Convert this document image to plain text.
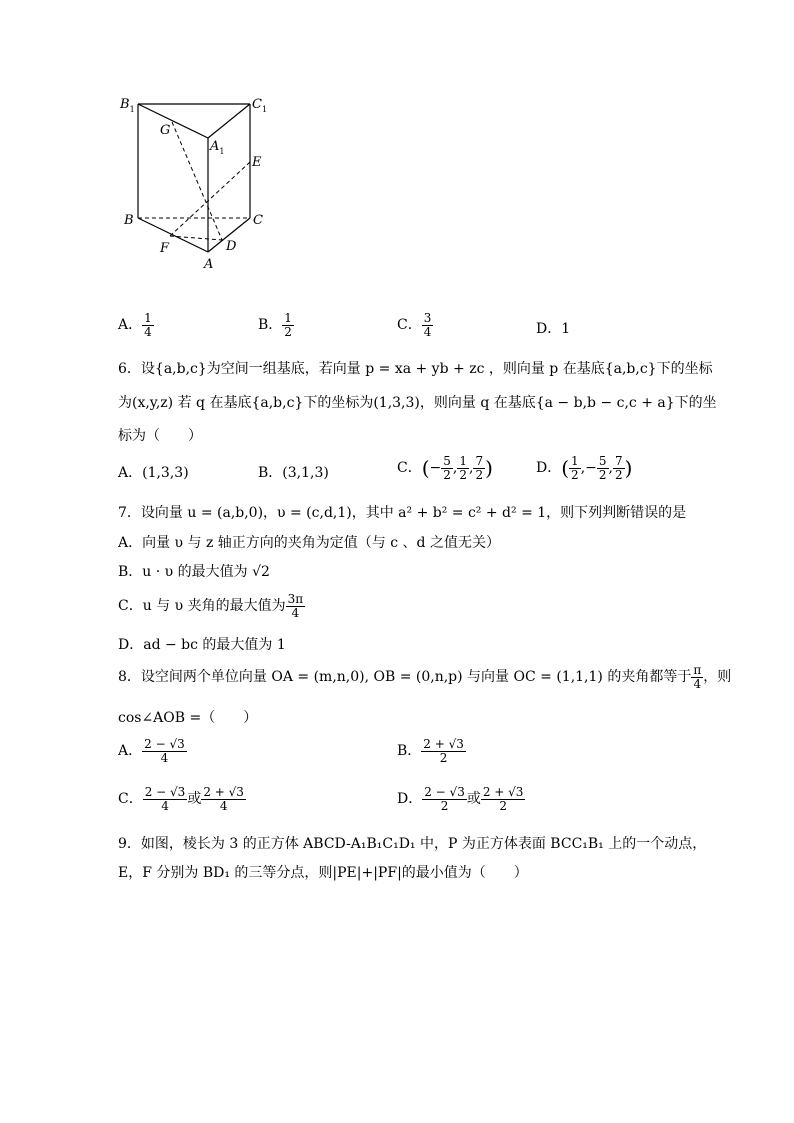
$B_1$	$C_1$
G
$A_1$
E
B	C
F	D
A
A． $\frac{1}{4}$	B． $\frac{1}{2}$	C． $\frac{3}{4}$	D．1
6．设{a,b,c}为空间一组基底，若向量 p = xa + yb + zc ，则向量 p 在基底{a,b,c}下的坐标
为(x,y,z) 若 q 在基底{a,b,c}下的坐标为(1,3,3)，则向量 q 在基底{a − b,b − c,c + a}下的坐
标为（　　）
A．(1,3,3)	B．(3,1,3)	C．(− $\frac{5}{2}$ , $\frac{1}{2}$ , $\frac{7}{2}$ )	D．( $\frac{1}{2}$ ,− $\frac{5}{2}$ , $\frac{7}{2}$ )
7．设向量 u = (a,b,0)，υ = (c,d,1)，其中 a² + b² = c² + d² = 1，则下列判断错误的是
A．向量 υ 与 z 轴正方向的夹角为定值（与 c 、d 之值无关）
B．u · υ 的最大值为 √2
C．u 与 υ 夹角的最大值为 $\frac{3\pi}{4}$
D．ad − bc 的最大值为 1
8．设空间两个单位向量 OA = (m,n,0), OB = (0,n,p) 与向量 OC = (1,1,1) 的夹角都等于 $\frac{\pi}{4}$ ，则
cos∠AOB =（　　）
A． $\frac{2 - √3}{4}$	B． $\frac{2 + √3}{2}$
C． $\frac{2 - √3}{4}$ 或 $\frac{2 + √3}{4}$	D． $\frac{2 - √3}{2}$ 或 $\frac{2 + √3}{2}$
9．如图，棱长为 3 的正方体 ABCD-A₁B₁C₁D₁ 中，P 为正方体表面 BCC₁B₁ 上的一个动点，
E，F 分别为 BD₁ 的三等分点，则|PE|+|PF|的最小值为（　　）
